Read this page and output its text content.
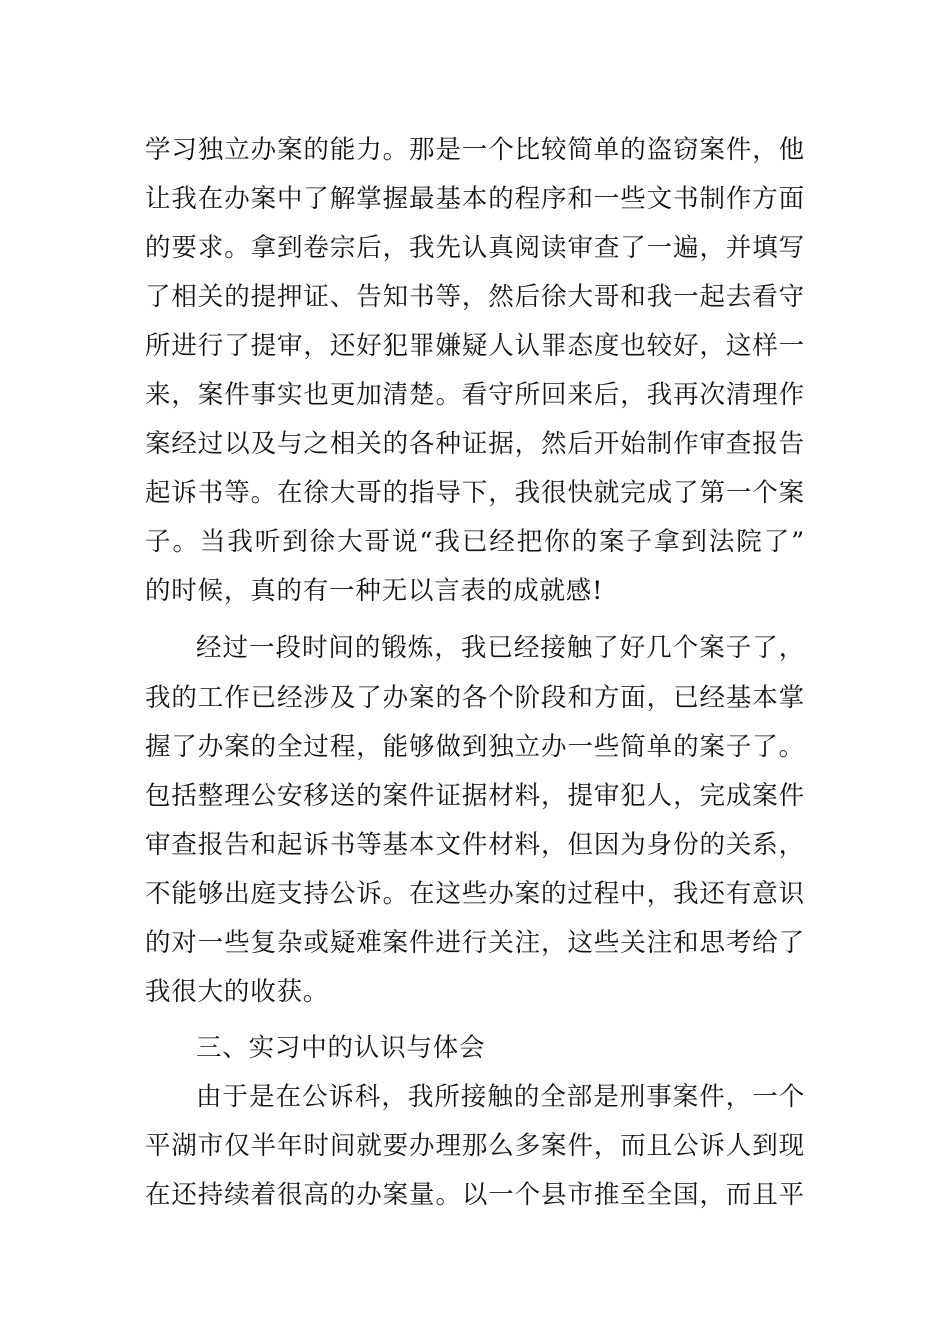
学习独立办案的能力。那是一个比较简单的盗窃案件，他
让我在办案中了解掌握最基本的程序和一些文书制作方面
的要求。拿到卷宗后，我先认真阅读审查了一遍，并填写
了相关的提押证、告知书等，然后徐大哥和我一起去看守
所进行了提审，还好犯罪嫌疑人认罪态度也较好，这样一
来，案件事实也更加清楚。看守所回来后，我再次清理作
案经过以及与之相关的各种证据，然后开始制作审查报告
起诉书等。在徐大哥的指导下，我很快就完成了第一个案
子。当我听到徐大哥说“我已经把你的案子拿到法院了”
的时候，真的有一种无以言表的成就感!
经过一段时间的锻炼，我已经接触了好几个案子了，
我的工作已经涉及了办案的各个阶段和方面，已经基本掌
握了办案的全过程，能够做到独立办一些简单的案子了。
包括整理公安移送的案件证据材料，提审犯人，完成案件
审查报告和起诉书等基本文件材料，但因为身份的关系，
不能够出庭支持公诉。在这些办案的过程中，我还有意识
的对一些复杂或疑难案件进行关注，这些关注和思考给了
我很大的收获。
三、实习中的认识与体会
由于是在公诉科，我所接触的全部是刑事案件，一个
平湖市仅半年时间就要办理那么多案件，而且公诉人到现
在还持续着很高的办案量。以一个县市推至全国，而且平
